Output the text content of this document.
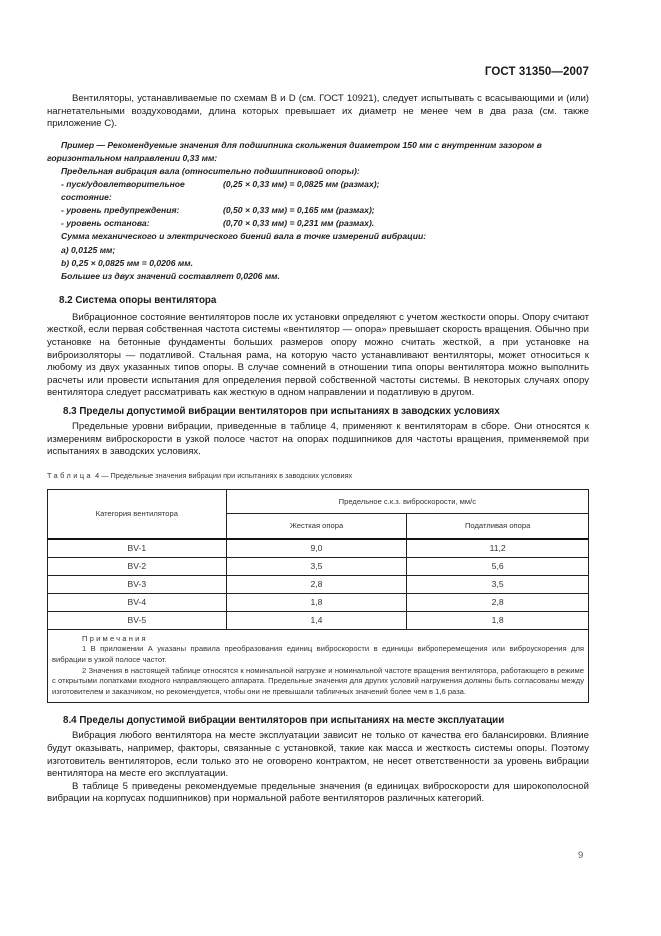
ГОСТ 31350—2007

Вентиляторы, устанавливаемые по схемам В и D (см. ГОСТ 10921), следует испытывать с всасывающими и (или) нагнетательными воздуховодами, длина которых превышает их диаметр не менее чем в два раза (см. также приложение С).

Пример — Рекомендуемые значения для подшипника скольжения диаметром 150 мм с внутренним зазором в горизонтальном направлении 0,33 мм:
Предельная вибрация вала (относительно подшипниковой опоры):
- пуск/удовлетворительное состояние:
(0,25 × 0,33 мм) = 0,0825 мм (размах);
- уровень предупреждения:	(0,50 × 0,33 мм) = 0,165 мм (размах);
- уровень останова:	(0,70 × 0,33 мм) = 0,231 мм (размах).
Сумма механического и электрического биений вала в точке измерений вибрации:
a) 0,0125 мм;
b) 0,25 × 0,0825 мм = 0,0206 мм.
Большее из двух значений составляет 0,0206 мм.
8.2 Система опоры вентилятора

Вибрационное состояние вентиляторов после их установки определяют с учетом жесткости опоры. Опору считают жесткой, если первая собственная частота системы «вентилятор — опора» превышает скорость вращения. Обычно при установке на бетонные фундаменты больших размеров опору можно считать жесткой, а при установке на виброизоляторы — податливой. Стальная рама, на которую часто устанавливают вентиляторы, может относиться к любому из двух указанных типов опоры. В случае сомнений в отношении типа опоры вентилятора можно выполнить расчеты или провести испытания для определения первой собственной частоты системы. В некоторых случаях опору вентилятора следует рассматривать как жесткую в одном направлении и податливую в другом.

8.3 Пределы допустимой вибрации вентиляторов при испытаниях в заводских условиях

Предельные уровни вибрации, приведенные в таблице 4, применяют к вентиляторам в сборе. Они относятся к измерениям виброскорости в узкой полосе частот на опорах подшипников для частоты вращения, применяемой при испытаниях в заводских условиях.

Таблица 4 — Предельные значения вибрации при испытаниях в заводских условиях
Категория вентилятора	Предельное с.к.з. виброскорости, мм/с	
	Жесткая опора	Податливая опора
BV-1	9,0	11,2
BV-2	3,5	5,6
BV-3	2,8	3,5
BV-4	1,8	2,8
BV-5	1,4	1,8

Примечания
1 В приложении А указаны правила преобразования единиц виброскорости в единицы виброперемещения или виброускорения для вибрации в узкой полосе частот.
2 Значения в настоящей таблице относятся к номинальной нагрузке и номинальной частоте вращения вентилятора, работающего в режиме с открытыми лопатками входного направляющего аппарата. Предельные значения для других условий нагружения должны быть согласованы между изготовителем и заказчиком, но рекомендуется, чтобы они не превышали табличных значений более чем в 1,6 раза.		
8.4 Пределы допустимой вибрации вентиляторов при испытаниях на месте эксплуатации

Вибрация любого вентилятора на месте эксплуатации зависит не только от качества его балансировки. Влияние будут оказывать, например, факторы, связанные с установкой, такие как масса и жесткость системы опоры. Поэтому изготовитель вентиляторов, если только это не оговорено контрактом, не несет ответственности за уровень вибрации вентилятора на месте его эксплуатации.

В таблице 5 приведены рекомендуемые предельные значения (в единицах виброскорости для широкополосной вибрации на корпусах подшипников) при нормальной работе вентиляторов различных категорий.

9
